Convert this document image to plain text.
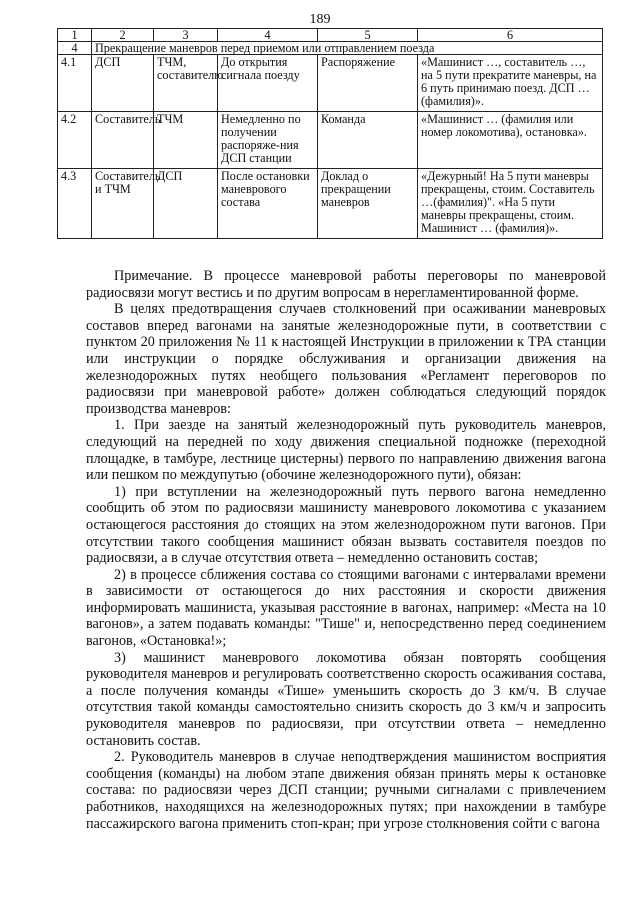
189
1	2	3	4	5	6
4	Прекращение маневров перед приемом или отправлением поезда				
4.1	ДСП	ТЧМ, составителю	До открытия сигнала поезду	Распоряжение	«Машинист …, составитель …, на 5 пути прекратите маневры, на 6 путь принимаю поезд. ДСП … (фамилия)».
4.2	Составитель	ТЧМ	Немедленно по получении распоряже-ния ДСП станции	Команда	«Машинист … (фамилия или номер локомотива), остановка».
4.3	Составитель и ТЧМ	ДСП	После остановки маневрового состава	Доклад о прекращении маневров	«Дежурный! На 5 пути маневры прекращены, стоим. Составитель …(фамилия)". «На 5 пути маневры прекращены, стоим. Машинист … (фамилия)».

Примечание. В процессе маневровой работы переговоры по маневровой радиосвязи могут вестись и по другим вопросам в нерегламентированной форме.

В целях предотвращения случаев столкновений при осаживании маневровых составов вперед вагонами на занятые железнодорожные пути, в соответствии с пунктом 20 приложения № 11 к настоящей Инструкции в приложении к ТРА станции или инструкции о порядке обслуживания и организации движения на железнодорожных путях необщего пользования «Регламент переговоров по радиосвязи при маневровой работе» должен соблюдаться следующий порядок производства маневров:

1. При заезде на занятый железнодорожный путь руководитель маневров, следующий на передней по ходу движения специальной подножке (переходной площадке, в тамбуре, лестнице цистерны) первого по направлению движения вагона или пешком по междупутью (обочине железнодорожного пути), обязан:

1) при вступлении на железнодорожный путь первого вагона немедленно сообщить об этом по радиосвязи машинисту маневрового локомотива с указанием остающегося расстояния до стоящих на этом железнодорожном пути вагонов. При отсутствии такого сообщения машинист обязан вызвать составителя поездов по радиосвязи, а в случае отсутствия ответа – немедленно остановить состав;

2) в процессе сближения состава со стоящими вагонами с интервалами времени в зависимости от остающегося до них расстояния и скорости движения информировать машиниста, указывая расстояние в вагонах, например: «Места на 10 вагонов», а затем подавать команды: "Тише" и, непосредственно перед соединением вагонов, «Остановка!»;

3) машинист маневрового локомотива обязан повторять сообщения руководителя маневров и регулировать соответственно скорость осаживания состава, а после получения команды «Тише» уменьшить скорость до 3 км/ч. В случае отсутствия такой команды самостоятельно снизить скорость до 3 км/ч и запросить руководителя маневров по радиосвязи, при отсутствии ответа – немедленно остановить состав.

2. Руководитель маневров в случае неподтверждения машинистом восприятия сообщения (команды) на любом этапе движения обязан принять меры к остановке состава: по радиосвязи через ДСП станции; ручными сигналами с привлечением работников, находящихся на железнодорожных путях; при нахождении в тамбуре пассажирского вагона применить стоп-кран; при угрозе столкновения сойти с вагона
